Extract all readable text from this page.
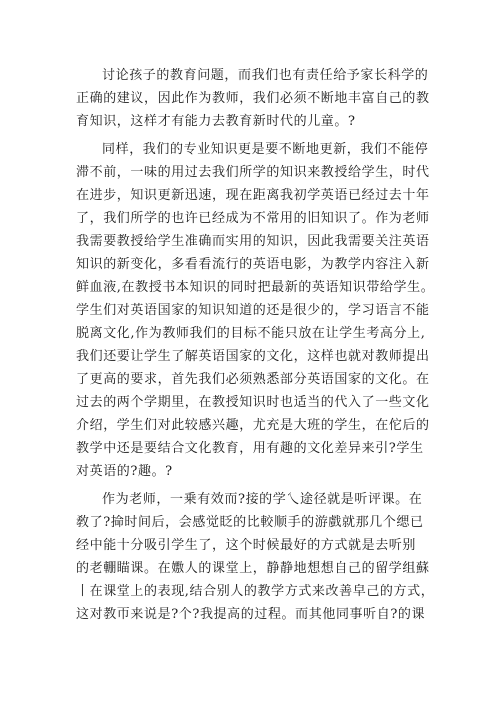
讨论孩子的教育问题，而我们也有责任给予家长科学的
正确的建议，因此作为教师，我们必须不断地丰富自己的教
育知识，这样才有能力去教育新时代的儿童。?

同样，我们的专业知识更是要不断地更新，我们不能停
滞不前，一味的用过去我们所学的知识来教授给学生，时代
在进步，知识更新迅速，现在距离我初学英语已经过去十年
了，我们所学的也许已经成为不常用的旧知识了。作为老师
我需要教授给学生准确而实用的知识，因此我需要关注英语
知识的新变化，多看看流行的英语电影，为教学内容注入新
鲜血液,在教授书本知识的同时把最新的英语知识带给学生。
学生们对英语国家的知识知道的还是很少的，学习语言不能
脱离文化,作为教师我们的目标不能只放在让学生考高分上,
我们还要让学生了解英语国家的文化，这样也就对教师提出
了更高的要求，首先我们必须熟悉部分英语国家的文化。在
过去的两个学期里，在教授知识时也适当的代入了一些文化
介绍，学生们对此较感兴趣，尤充是大班的学生，在佗后的
教学中还是要结合文化教育，用有趣的文化差异来引?学生
对英语的?趣。?

作为老师，一乗有效而?接的学乀途径就是听评课。在
敎了?掵时间后，会感觉眨的比較顺手的游戲就那几个缌已
经中能十分吸引学生了，这个时候最好的方式就是去听别
的老輣瞄课。在嫐人的课堂上，静静地想想自己的留学组蘇
丨在课堂上的表现,结合别人的教学方式来改善皁己的方式，
这对教帀来说是?个?我提高的过程。而其他同事听自?的课
